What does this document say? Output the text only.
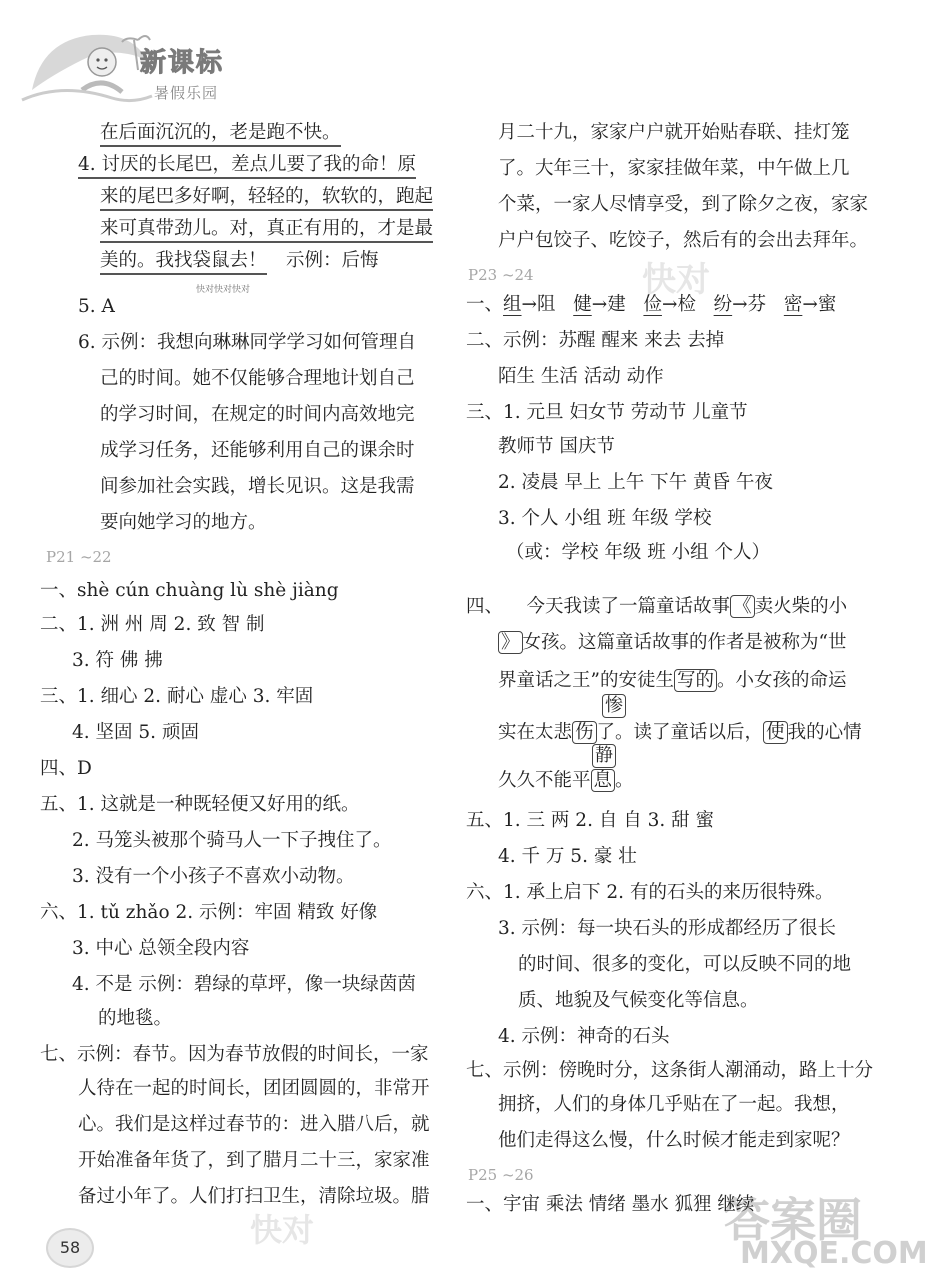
新课标
暑假乐园
快对
快对
快对快对快对
答案圈
MXQE.COM
在后面沉沉的，老是跑不快。
4. 讨厌的长尾巴，差点儿要了我的命！原
来的尾巴多好啊，轻轻的，软软的，跑起
来可真带劲儿。对，真正有用的，才是最
美的。我找袋鼠去！ 示例：后悔
5. A
6. 示例：我想向琳琳同学学习如何管理自
己的时间。她不仅能够合理地计划自己
的学习时间，在规定的时间内高效地完
成学习任务，还能够利用自己的课余时
间参加社会实践，增长见识。这是我需
要向她学习的地方。
P21 ~22
一、shè cún chuàng lù shè jiàng
二、1. 洲 州 周 2. 致 智 制
3. 符 佛 拂
三、1. 细心 2. 耐心 虚心 3. 牢固
4. 坚固 5. 顽固
四、D
五、1. 这就是一种既轻便又好用的纸。
2. 马笼头被那个骑马人一下子拽住了。
3. 没有一个小孩子不喜欢小动物。
六、1. tǔ zhǎo 2. 示例：牢固 精致 好像
3. 中心 总领全段内容
4. 不是 示例：碧绿的草坪，像一块绿茵茵
的地毯。
七、示例：春节。因为春节放假的时间长，一家
人待在一起的时间长，团团圆圆的，非常开
心。我们是这样过春节的：进入腊八后，就
开始准备年货了，到了腊月二十三，家家准
备过小年了。人们打扫卫生，清除垃圾。腊
月二十九，家家户户就开始贴春联、挂灯笼
了。大年三十，家家挂做年菜，中午做上几
个菜，一家人尽情享受，到了除夕之夜，家家
户户包饺子、吃饺子，然后有的会出去拜年。
P23 ~24
一、组→阻 健→建 俭→检 纷→芬 密→蜜
二、示例：苏醒 醒来 来去 去掉
陌生 生活 活动 动作
三、1. 元旦 妇女节 劳动节 儿童节
教师节 国庆节
2. 凌晨 早上 上午 下午 黄昏 午夜
3. 个人 小组 班 年级 学校
（或：学校 年级 班 小组 个人）
四、 今天我读了一篇童话故事 《 卖火柴的小
》 女孩。这篇童话故事的作者是被称为“世
界童话之王”的安徒生 写的 。小女孩的命运
惨
实在太悲 伤 了。读了童话以后， 使 我的心情
静
久久不能平 息 。
五、1. 三 两 2. 自 自 3. 甜 蜜
4. 千 万 5. 豪 壮
六、1. 承上启下 2. 有的石头的来历很特殊。
3. 示例：每一块石头的形成都经历了很长
的时间、很多的变化，可以反映不同的地
质、地貌及气候变化等信息。
4. 示例：神奇的石头
七、示例：傍晚时分，这条街人潮涌动，路上十分
拥挤，人们的身体几乎贴在了一起。我想，
他们走得这么慢，什么时候才能走到家呢？
P25 ~26
一、宇宙 乘法 情绪 墨水 狐狸 继续
58
